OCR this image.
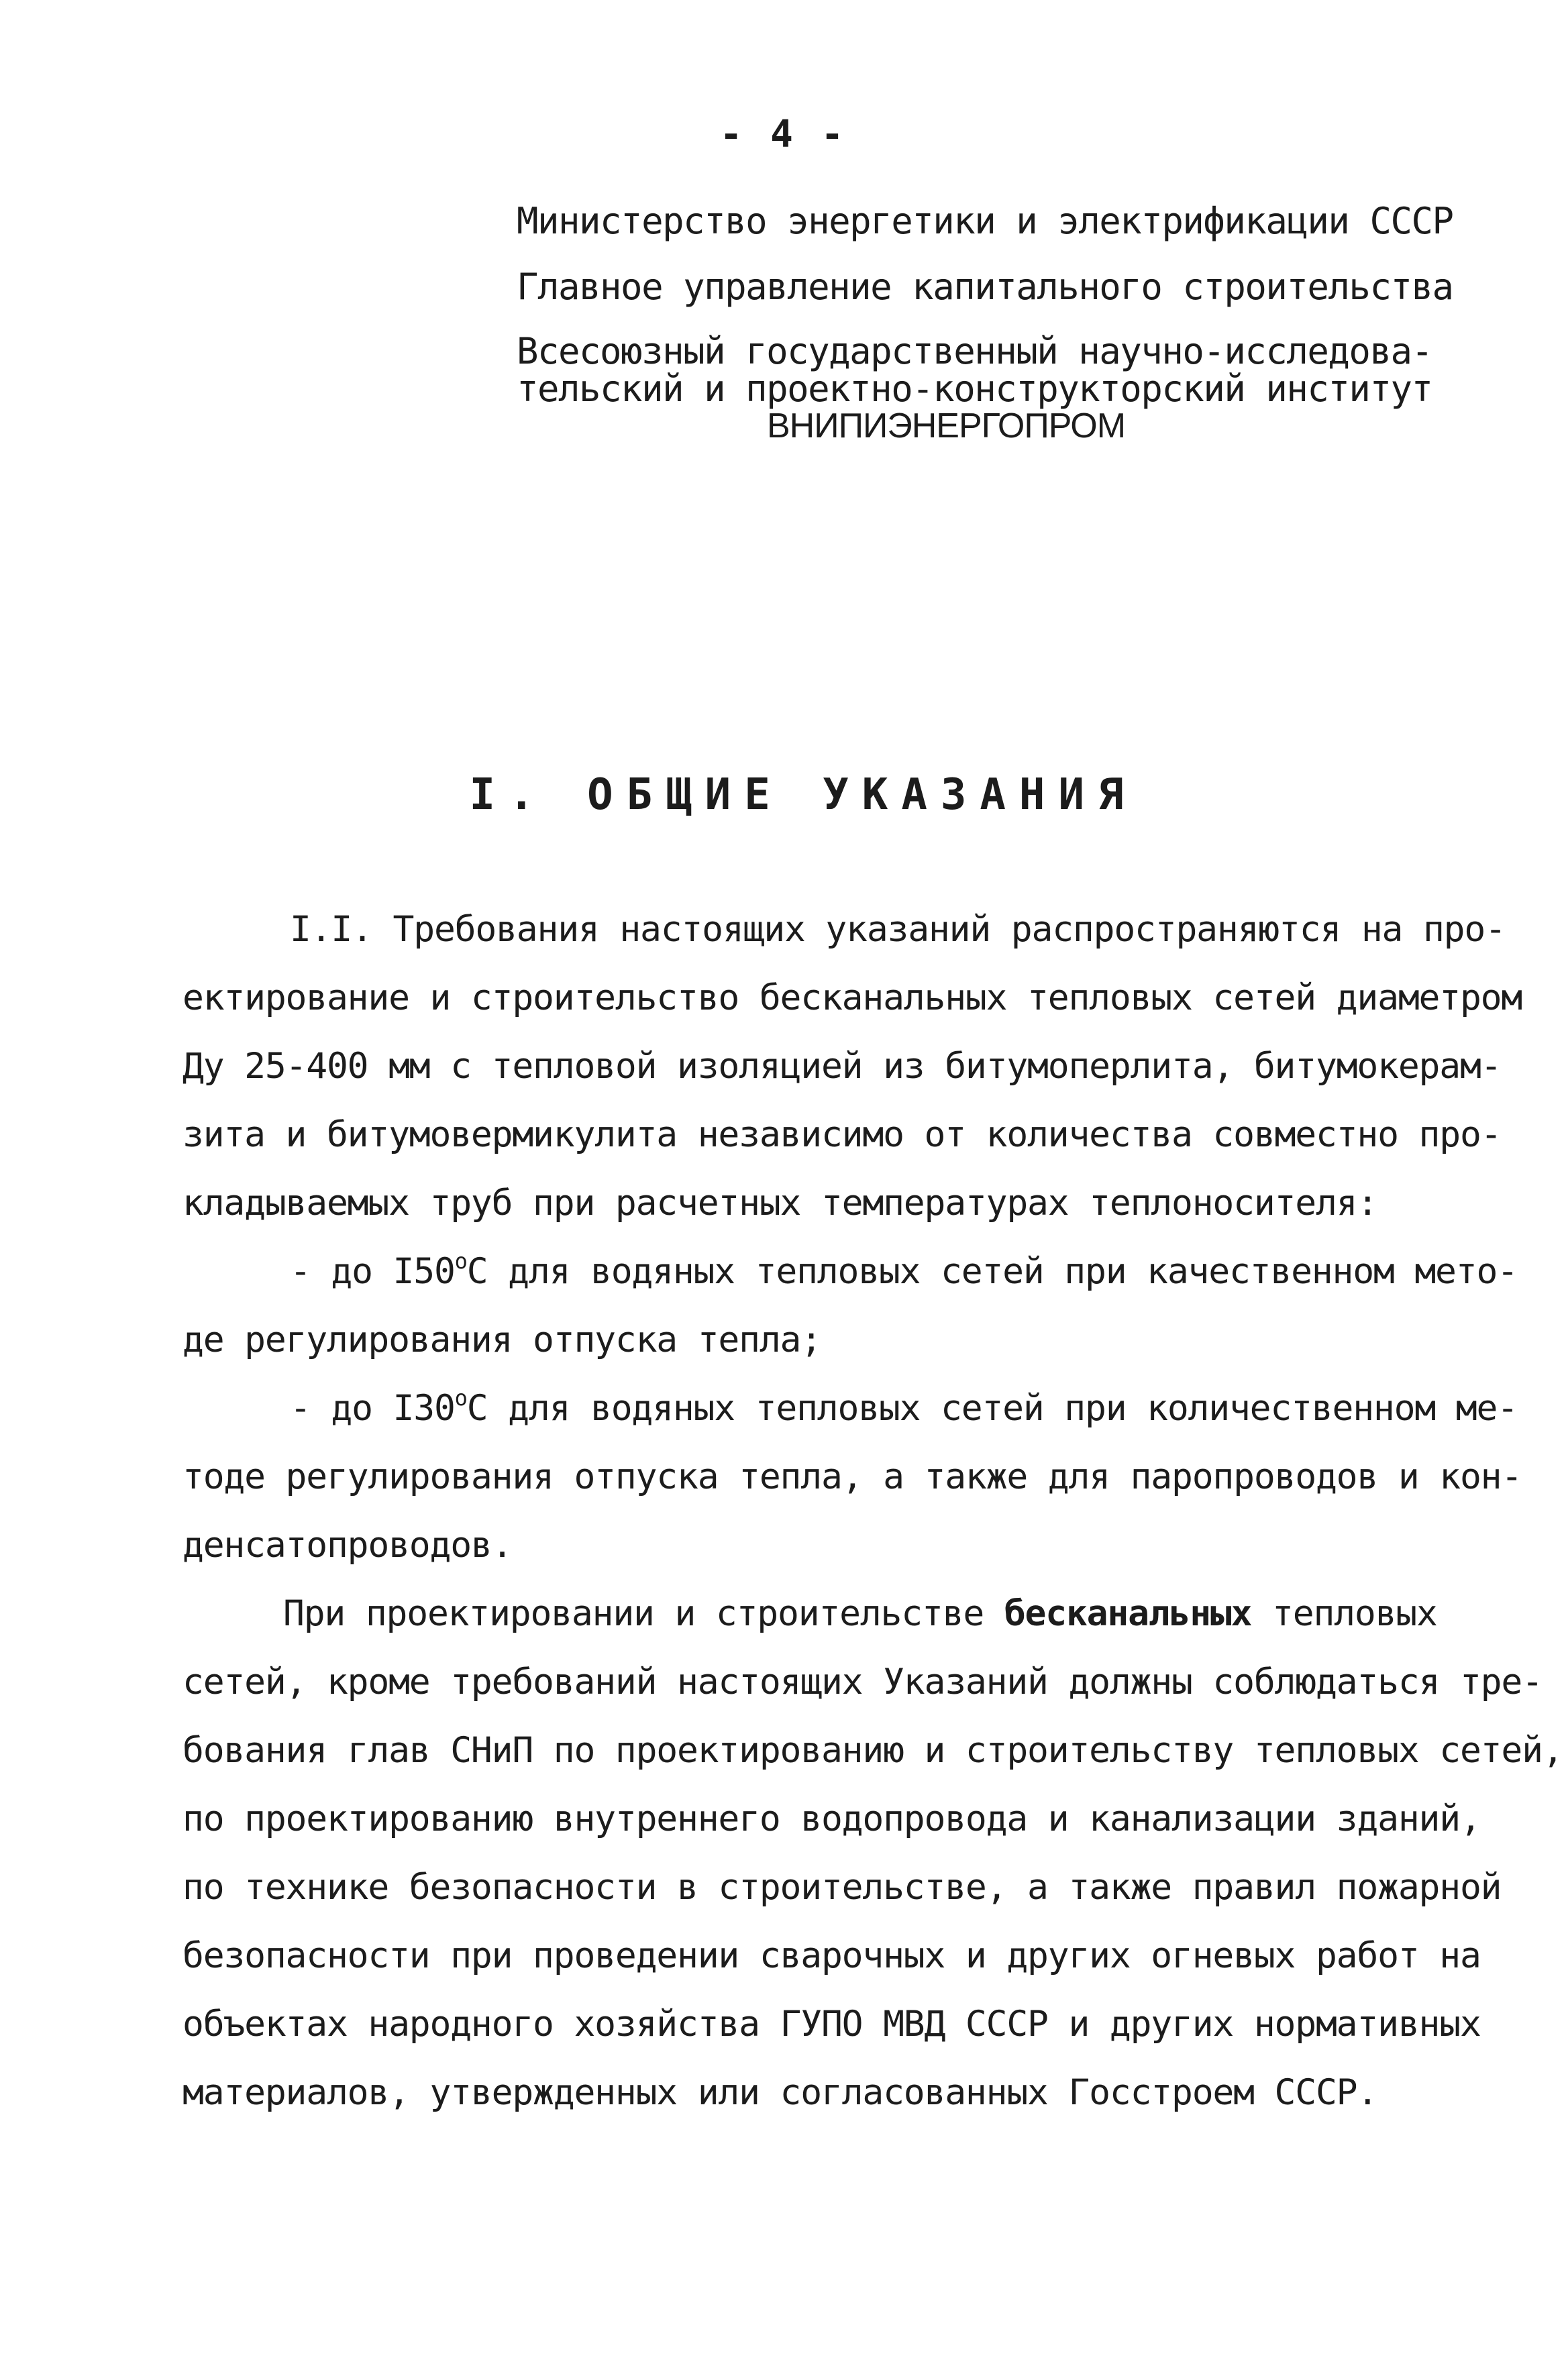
- 4 -
Министерство энергетики и электрификации СССР
Главное управление капитального строительства
Всесоюзный государственный научно-исследова-
тельский и проектно-конструкторский институт
ВНИПИЭНЕРГОПРОМ
I. ОБЩИЕ УКАЗАНИЯ
I.I. Требования настоящих указаний распространяются на про-
ектирование и строительство бесканальных тепловых сетей диаметром
Ду 25-400 мм с тепловой изоляцией из битумоперлита, битумокерам-
зита и битумовермикулита независимо от количества совместно про-
кладываемых труб при расчетных температурах теплоносителя:
- до $I50^оС$ для водяных тепловых сетей при качественном мето-
де регулирования отпуска тепла;
- до $I30^оС$ для водяных тепловых сетей при количественном ме-
тоде регулирования отпуска тепла, а также для паропроводов и кон-
денсатопроводов.
При проектировании и строительстве бесканальных тепловых
сетей, кроме требований настоящих Указаний должны соблюдаться тре-
бования глав СНиП по проектированию и строительству тепловых сетей,
по проектированию внутреннего водопровода и канализации зданий,
по технике безопасности в строительстве, а также правил пожарной
безопасности при проведении сварочных и других огневых работ на
объектах народного хозяйства ГУПО МВД СССР и других нормативных
материалов, утвержденных или согласованных Госстроем СССР.
